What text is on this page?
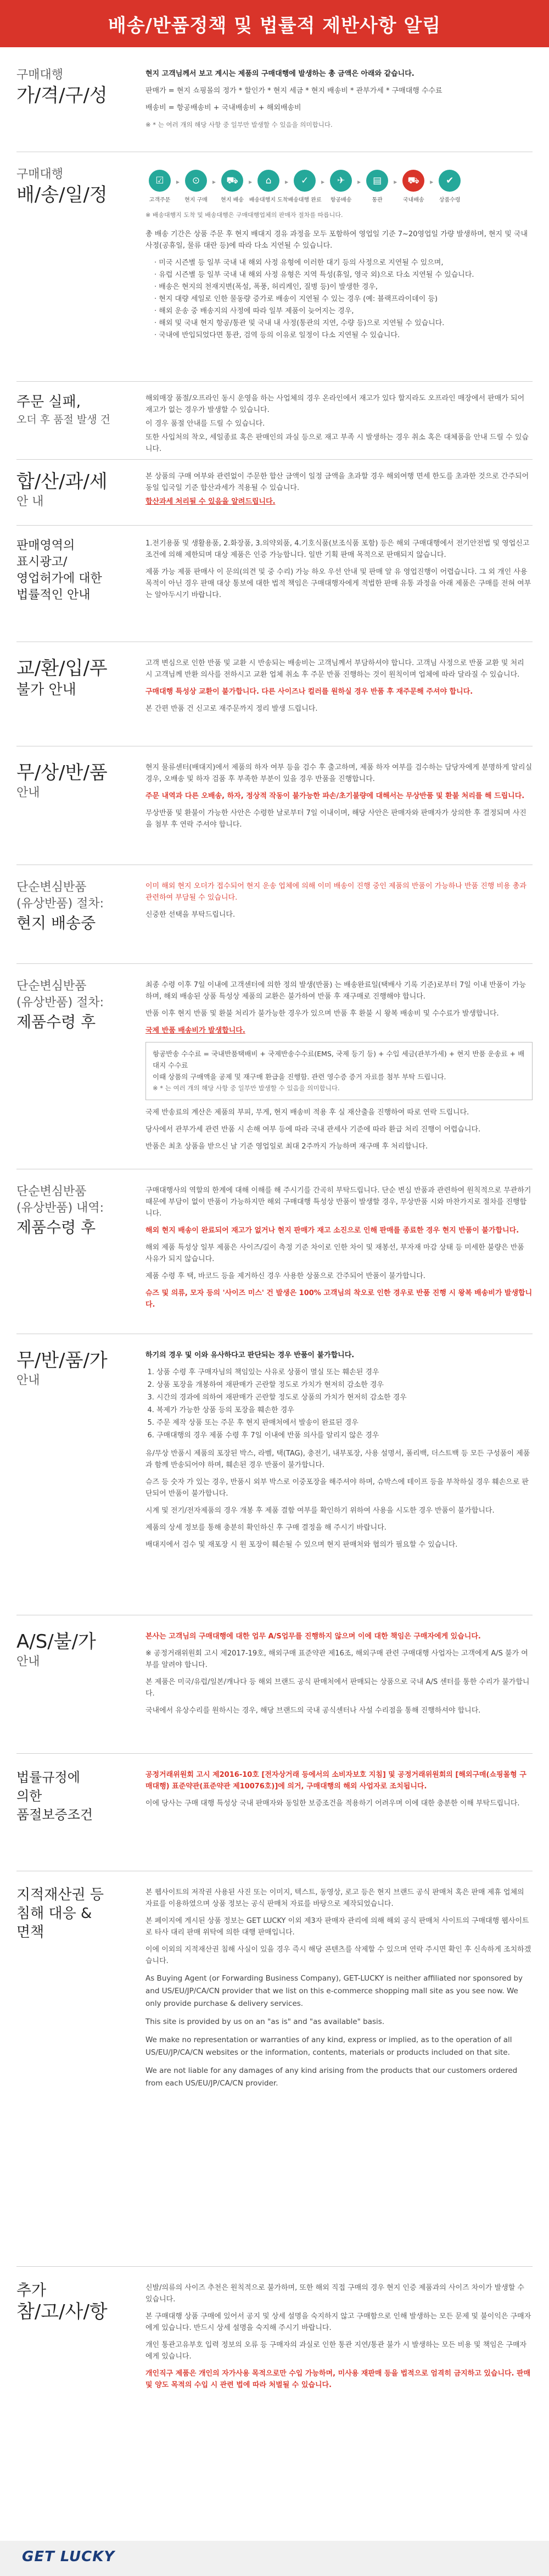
배송/반품정책 및 법률적 제반사항 알림
구매대행
가/격/구/성

현지 고객님께서 보고 계시는 제품의 구매대행에 발생하는 총 금액은 아래와 같습니다.

판매가 = 현지 쇼핑몰의 정가 * 할인가 * 현지 세금 * 현지 배송비 * 관부가세 * 구매대행 수수료

배송비 = 항공배송비 + 국내배송비 + 해외배송비

※ * 는 여러 개의 해당 사항 중 일부만 발생할 수 있음을 의미합니다.

구매대행
배/송/일/정
☑
고객주문
▸	⊙
현지 구매
▸	⛟
현지 배송
▸	⌂
배송대행지 도착
▸	✓
배송대행 완료
▸	✈
항공배송
▸	▤
통관
▸	⛟
국내배송
▸	✔
상품수령
※ 배송대행지 도착 및 배송대행은 구매대행업체의 판매자 절차를 따릅니다.

총 배송 기간은 상품 주문 후 현지 배대지 경유 과정을 모두 포함하여 영업일 기준 7~20영업일 가량 발생하며, 현지 및 국내 사정(공휴일, 물류 대란 등)에 따라 다소 지연될 수 있습니다.

· 미국 시즌별 등 일부 국내 내 해외 사정 유형에 이러한 대기 등의 사정으로 지연될 수 있으며,
· 유럽 시즌별 등 일부 국내 내 해외 사정 유형은 지역 특성(휴일, 영국 외)으로 다소 지연될 수 있습니다.
· 배송은 현지의 천재지변(폭설, 폭풍, 허리케인, 질병 등)이 발생한 경우,
· 현지 대량 세일로 인한 물동량 증가로 배송이 지연될 수 있는 경우 (예: 블랙프라이데이 등)
· 해외 운송 중 배송지의 사정에 따라 일부 제품이 늦어지는 경우,
· 해외 및 국내 현지 항공/통관 및 국내 내 사정(통관의 지연, 수량 등)으로 지연될 수 있습니다.
· 국내에 반입되었다면 통관, 검역 등의 이유로 일정이 다소 지연될 수 있습니다.
주문 실패,
오더 후 품절 발생 건

해외매장 품절/오프라인 동시 운영을 하는 사업체의 경우 온라인에서 재고가 있다 할지라도 오프라인 매장에서 판매가 되어 재고가 없는 경우가 발생할 수 있습니다.

이 경우 품절 안내를 드릴 수 있습니다.

또한 사입처의 착오, 세일종료 혹은 판매인의 과실 등으로 재고 부족 시 발생하는 경우 취소 혹은 대체품을 안내 드릴 수 있습니다.

합/산/과/세
안 내

본 상품의 구매 여부와 관련없이 주문한 합산 금액이 일정 금액을 초과할 경우 해외여행 면세 한도를 초과한 것으로 간주되어 동일 입국일 기준 합산과세가 적용될 수 있습니다.

합산과세 처리될 수 있음을 알려드립니다.

판매영역의
표시광고/
영업허가에 대한
법률적인 안내

1.전기용품 및 생활용품, 2.화장품, 3.의약외품, 4.기호식품(보조식품 포함) 등은 해외 구매대행에서 전기안전법 및 영업신고 조건에 의해 제한되며 대상 제품은 인증 가능합니다. 일반 기획 판매 목적으로 판매되지 않습니다.

제품 가능 제품 판매사 이 문의(의견 및 중 수리) 가능 하오 우선 안내 및 판매 알 유 영업진행이 어렵습니다. 그 외 개인 사용 목적이 아닌 경우 판매 대상 통보에 대한 법적 책임은 구매대행자에게 적법한 판매 유통 과정을 아래 제품은 구매를 전혀 여부는 알아두시기 바랍니다.

교/환/입/푸
불가 안내

고객 변심으로 인한 반품 및 교환 시 반송되는 배송비는 고객님께서 부담하셔야 합니다. 고객님 사정으로 반품 교환 및 처리 시 고객님께 반환 의사를 전하시고 교환 업체 취소 후 주문 반품 진행하는 것이 원칙이며 업체에 따라 달라질 수 있습니다.

구매대행 특성상 교환이 불가합니다. 다른 사이즈나 컬러를 원하실 경우 반품 후 재주문해 주셔야 합니다.

본 간편 반품 건 신고로 재주문까지 정리 발생 드립니다.

무/상/반/품
안내

현지 물류센터(배대지)에서 제품의 하자 여부 등을 검수 후 출고하며, 제품 하자 여부를 검수하는 담당자에게 분명하게 알리실 경우, 오배송 및 하자 검품 후 부족한 부분이 있을 경우 반품을 진행합니다.

주문 내역과 다른 오배송, 하자, 정상적 작동이 불가능한 파손/초기불량에 대해서는 무상반품 및 환불 처리를 해 드립니다.

무상반품 및 환불이 가능한 사안은 수령한 날로부터 7일 이내이며, 해당 사안은 판매자와 판매자가 상의한 후 결정되며 사진을 첨부 후 연락 주셔야 합니다.

단순변심반품
(유상반품) 절차:
현지 배송중

이미 해외 현지 오더가 접수되어 현지 운송 업체에 의해 이미 배송이 진행 중인 제품의 반품이 가능하나 반품 진행 비용 총과 관련하여 부담될 수 있습니다.

신중한 선택을 부탁드립니다.

단순변심반품
(유상반품) 절차:
제품수령 후

최종 수령 이후 7일 이내에 고객센터에 의한 정의 발생(반품) 는 배송완료일(택배사 기록 기준)로부터 7일 이내 반품이 가능하며, 해외 배송된 상품 특성상 제품의 교환은 불가하여 반품 후 재구매로 진행해야 합니다.

반품 이후 현지 반품 및 환불 처리가 불가능한 경우가 있으며 반품 후 환불 시 왕복 배송비 및 수수료가 발생합니다.

국제 반품 배송비가 발생합니다.

항공반송 수수료 = 국내반품택배비 + 국제반송수수료(EMS, 국제 등기 등) + 수입 세금(관부가세) + 현지 반품 운송료 + 배대지 수수료
이때 상품의 구매액을 공제 및 재구매 환급을 진행함. 관련 영수증 증거 자료를 첨부 부탁 드립니다.
※ * 는 여러 개의 해당 사항 중 일부만 발생할 수 있음을 의미합니다.

국제 반송료의 계산은 제품의 부피, 무게, 현지 배송비 적용 후 실 재산출을 진행하여 따로 연락 드립니다.

당사에서 관부가세 관련 반품 시 손해 여부 등에 따라 국내 관세사 기준에 따라 환급 처리 진행이 어렵습니다.

반품은 최초 상품을 받으신 날 기준 영업일로 최대 2주까지 가능하며 재구매 후 처리합니다.

단순변심반품
(유상반품) 내역:
제품수령 후

구매대행사의 역할의 한계에 대해 이해를 해 주시기를 간곡히 부탁드립니다. 단순 변심 반품과 관련하여 원칙적으로 무관하기 때문에 부담이 없이 반품이 가능하지만 해외 구매대행 특성상 반품이 발생할 경우, 무상반품 시와 마찬가지로 절차를 진행합니다.

해외 현지 배송이 완료되어 재고가 없거나 현지 판매가 재고 소진으로 인해 판매를 종료한 경우 현지 반품이 불가합니다.

해외 제품 특성상 일부 제품은 사이즈/길이 측정 기준 차이로 인한 차이 및 재봉선, 부자재 마감 상태 등 미세한 불량은 반품 사유가 되지 않습니다.

제품 수령 후 택, 바코드 등을 제거하신 경우 사용한 상품으로 간주되어 반품이 불가합니다.

슈즈 및 의류, 모자 등의 '사이즈 미스' 건 발생은 100% 고객님의 착오로 인한 경우로 반품 진행 시 왕복 배송비가 발생합니다.

무/반/품/가
안내

하기의 경우 및 이와 유사하다고 판단되는 경우 반품이 불가합니다.

1. 상품 수령 후 구매자님의 책임있는 사유로 상품이 멸실 또는 훼손된 경우
2. 상품 포장을 개봉하여 재판매가 곤란할 정도로 가치가 현저히 감소한 경우
3. 시간의 경과에 의하여 재판매가 곤란할 정도로 상품의 가치가 현저히 감소한 경우
4. 복제가 가능한 상품 등의 포장을 훼손한 경우
5. 주문 제작 상품 또는 주문 후 현지 판매처에서 발송이 완료된 경우
6. 구매대행의 경우 제품 수령 후 7일 이내에 반품 의사를 알리지 않은 경우

유/무상 반품시 제품의 포장된 박스, 라벨, 택(TAG), 충전기, 내부포장, 사용 설명서, 폴리백, 더스트백 등 모든 구성품이 제품과 함께 반송되어야 하며, 훼손된 경우 반품이 불가합니다.

슈즈 등 숫자 가 있는 경우, 반품시 외부 박스로 이중포장을 해주셔야 하며, 슈박스에 테이프 등을 부착하실 경우 훼손으로 판단되어 반품이 불가합니다.

시계 및 전기/전자제품의 경우 개봉 후 제품 결함 여부를 확인하기 위하여 사용을 시도한 경우 반품이 불가합니다.

제품의 상세 정보를 통해 충분히 확인하신 후 구매 결정을 해 주시기 바랍니다.

배대지에서 검수 및 재포장 시 원 포장이 훼손될 수 있으며 현지 판매처와 협의가 필요할 수 있습니다.

A/S/불/가
안내

본사는 고객님의 구매대행에 대한 업무 A/S업무를 진행하지 않으며 이에 대한 책임은 구매자에게 있습니다.

※ 공정거래위원회 고시 제2017-19호, 해외구매 표준약관 제16조, 해외구매 관련 구매대행 사업자는 고객에게 A/S 불가 여부를 알려야 합니다.

본 제품은 미국/유럽/일본/캐나다 등 해외 브랜드 공식 판매처에서 판매되는 상품으로 국내 A/S 센터를 통한 수리가 불가합니다.

국내에서 유상수리를 원하시는 경우, 해당 브랜드의 국내 공식센터나 사설 수리점을 통해 진행하셔야 합니다.

법률규정에
의한
품절보증조건

공정거래위원회 고시 제2016-10호 [전자상거래 등에서의 소비자보호 지침] 및 공정거래위원회의 [해외구매(쇼핑몰형 구매대행) 표준약관(표준약관 제10076호)]에 의거, 구매대행의 해외 사업자로 조치됩니다.

이에 당사는 구매 대행 특성상 국내 판매자와 동일한 보증조건을 적용하기 어려우며 이에 대한 충분한 이해 부탁드립니다.

지적재산권 등
침해 대응 &
면책

본 웹사이트의 저작권 사용된 사진 또는 이미지, 텍스트, 동영상, 로고 등은 현지 브랜드 공식 판매처 혹은 판매 제휴 업체의 자료를 이용하였으며 상품 정보는 공식 판매처 자료를 바탕으로 제작되었습니다.

본 페이지에 게시된 상품 정보는 GET LUCKY 이외 제3자 판매자 관리에 의해 해외 공식 판매처 사이트의 구매대행 웹사이트로 타사 대리 판매 위탁에 의한 대행 판매입니다.

이에 이외의 지적재산권 침해 사실이 있을 경우 즉시 해당 콘텐츠를 삭제할 수 있으며 연락 주시면 확인 후 신속하게 조치하겠습니다.

As Buying Agent (or Forwarding Business Company), GET-LUCKY is neither affiliated nor sponsored by and US/EU/JP/CA/CN provider that we list on this e-commerce shopping mall site as you see now. We only provide purchase & delivery services.

This site is provided by us on an "as is" and "as available" basis.

We make no representation or warranties of any kind, express or implied, as to the operation of all US/EU/JP/CA/CN websites or the information, contents, materials or products included on that site.

We are not liable for any damages of any kind arising from the products that our customers ordered from each US/EU/JP/CA/CN provider.

추가
참/고/사/항

신발/의류의 사이즈 추천은 원칙적으로 불가하며, 또한 해외 직접 구매의 경우 현지 인증 제품과의 사이즈 차이가 발생할 수 있습니다.

본 구매대행 상품 구매에 있어서 공지 및 상세 설명을 숙지하지 않고 구매함으로 인해 발생하는 모든 문제 및 불이익은 구매자에게 있습니다. 반드시 상세 설명을 숙지해 주시기 바랍니다.

개인 통관고유부호 입력 정보의 오류 등 구매자의 과실로 인한 통관 지연/통관 불가 시 발생하는 모든 비용 및 책임은 구매자에게 있습니다.

개인직구 제품은 개인의 자가사용 목적으로만 수입 가능하며, 미사용 재판매 등을 법적으로 엄격히 금지하고 있습니다. 판매 및 양도 목적의 수입 시 관련 법에 따라 처벌될 수 있습니다.

GET LUCKY
